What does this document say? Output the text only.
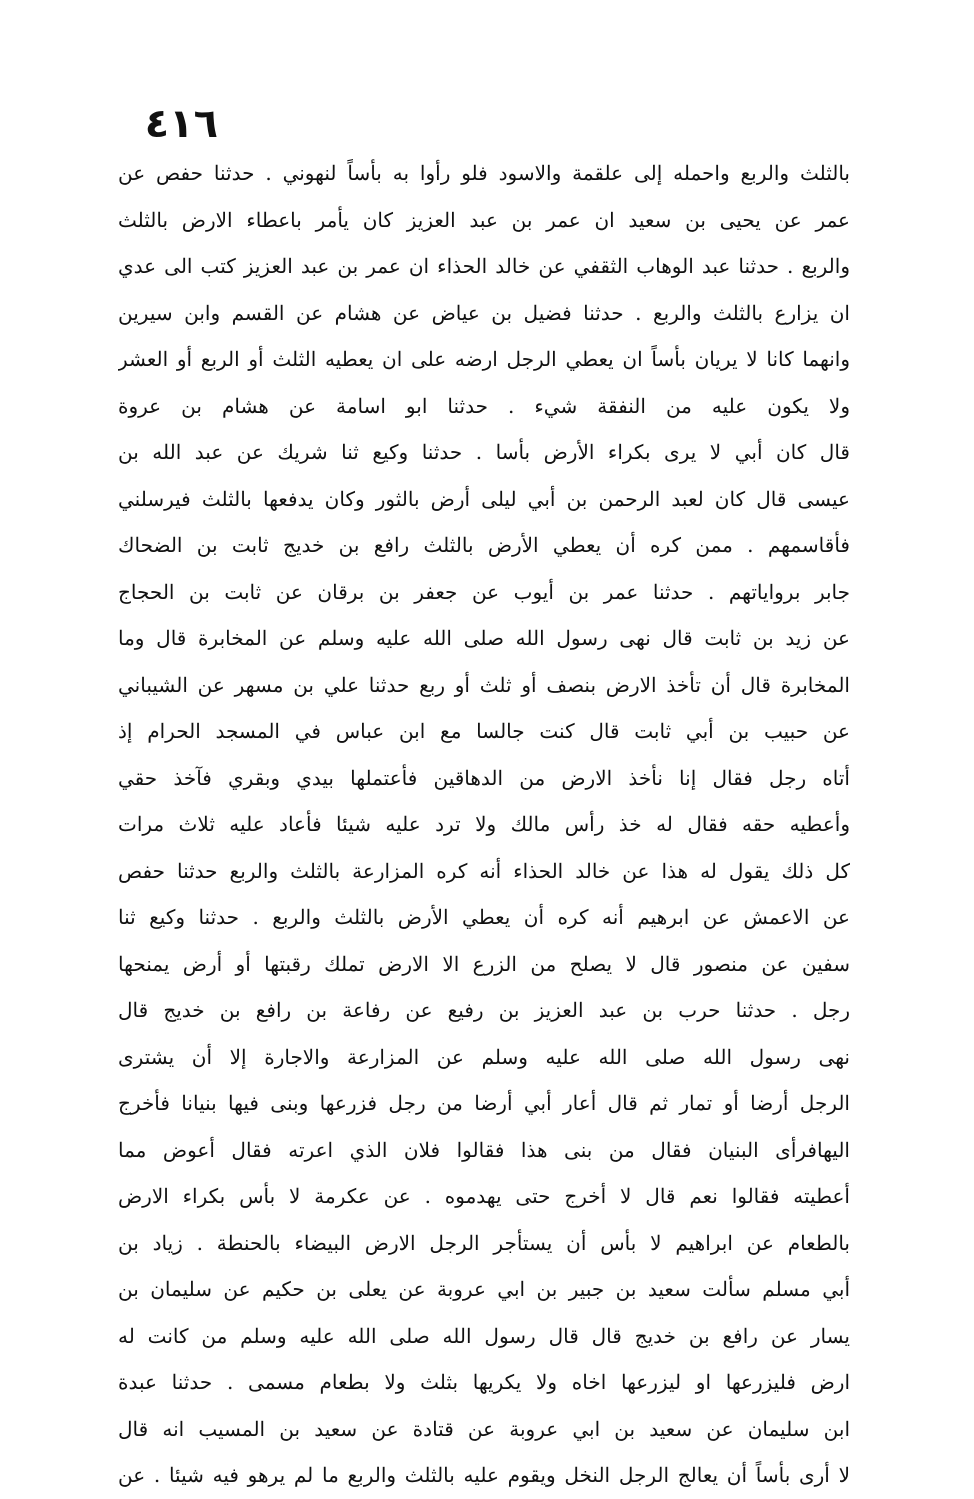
٤١٦
بالثلث والربع واحمله إلى علقمة والاسود فلو رأوا به بأساً لنهوني . حدثنا حفص عن
عمر عن يحيى بن سعيد ان عمر بن عبد العزيز كان يأمر باعطاء الارض بالثلث
والربع . حدثنا عبد الوهاب الثقفي عن خالد الحذاء ان عمر بن عبد العزيز كتب الى عدي
ان يزارع بالثلث والربع . حدثنا فضيل بن عياض عن هشام عن القسم وابن سيرين
وانهما كانا لا يريان بأساً ان يعطي الرجل ارضه على ان يعطيه الثلث أو الربع أو العشر
ولا يكون عليه من النفقة شيء . حدثنا ابو اسامة عن هشام بن عروة
قال كان أبي لا يرى بكراء الأرض بأسا . حدثنا وكيع ثنا شريك عن عبد الله بن
عيسى قال كان لعبد الرحمن بن أبي ليلى أرض بالثور وكان يدفعها بالثلث فيرسلني
فأقاسمهم . ممن كره أن يعطي الأرض بالثلث رافع بن خديج ثابت بن الضحاك
جابر برواياتهم . حدثنا عمر بن أيوب عن جعفر بن برقان عن ثابت بن الحجاج
عن زيد بن ثابت قال نهى رسول الله صلى الله عليه وسلم عن المخابرة قال وما
المخابرة قال أن تأخذ الارض بنصف أو ثلث أو ربع حدثنا علي بن مسهر عن الشيباني
عن حبيب بن أبي ثابت قال كنت جالسا مع ابن عباس في المسجد الحرام إذ
أتاه رجل فقال إنا نأخذ الارض من الدهاقين فأعتملها بيدي وبقري فآخذ حقي
وأعطيه حقه فقال له خذ رأس مالك ولا ترد عليه شيئا فأعاد عليه ثلاث مرات
كل ذلك يقول له هذا عن خالد الحذاء أنه كره المزارعة بالثلث والربع حدثنا حفص
عن الاعمش عن ابرهيم أنه كره أن يعطي الأرض بالثلث والربع . حدثنا وكيع ثنا
سفين عن منصور قال لا يصلح من الزرع الا الارض تملك رقبتها أو أرض يمنحها
رجل . حدثنا حرب بن عبد العزيز بن رفيع عن رفاعة بن رافع بن خديج قال
نهى رسول الله صلى الله عليه وسلم عن المزارعة والاجارة إلا أن يشترى
الرجل أرضا أو تمار ثم قال أعار أبي أرضا من رجل فزرعها وبنى فيها بنيانا فأخرج
اليهافرأى البنيان فقال من بنى هذا فقالوا فلان الذي اعرته فقال أعوض مما
أعطيته فقالوا نعم قال لا أخرج حتى يهدموه . عن عكرمة لا بأس بكراء الارض
بالطعام عن ابراهيم لا بأس أن يستأجر الرجل الارض البيضاء بالحنطة . زياد بن
أبي مسلم سألت سعيد بن جبير بن ابي عروبة عن يعلى بن حكيم عن سليمان بن
يسار عن رافع بن خديج قال قال رسول الله صلى الله عليه وسلم من كانت له
ارض فليزرعها او ليزرعها اخاه ولا يكريها بثلث ولا بطعام مسمى . حدثنا عبدة
ابن سليمان عن سعيد بن ابي عروبة عن قتادة عن سعيد بن المسيب انه قال
لا أرى بأساً أن يعالج الرجل النخل ويقوم عليه بالثلث والربع ما لم يرهو فيه شيئا . عن
